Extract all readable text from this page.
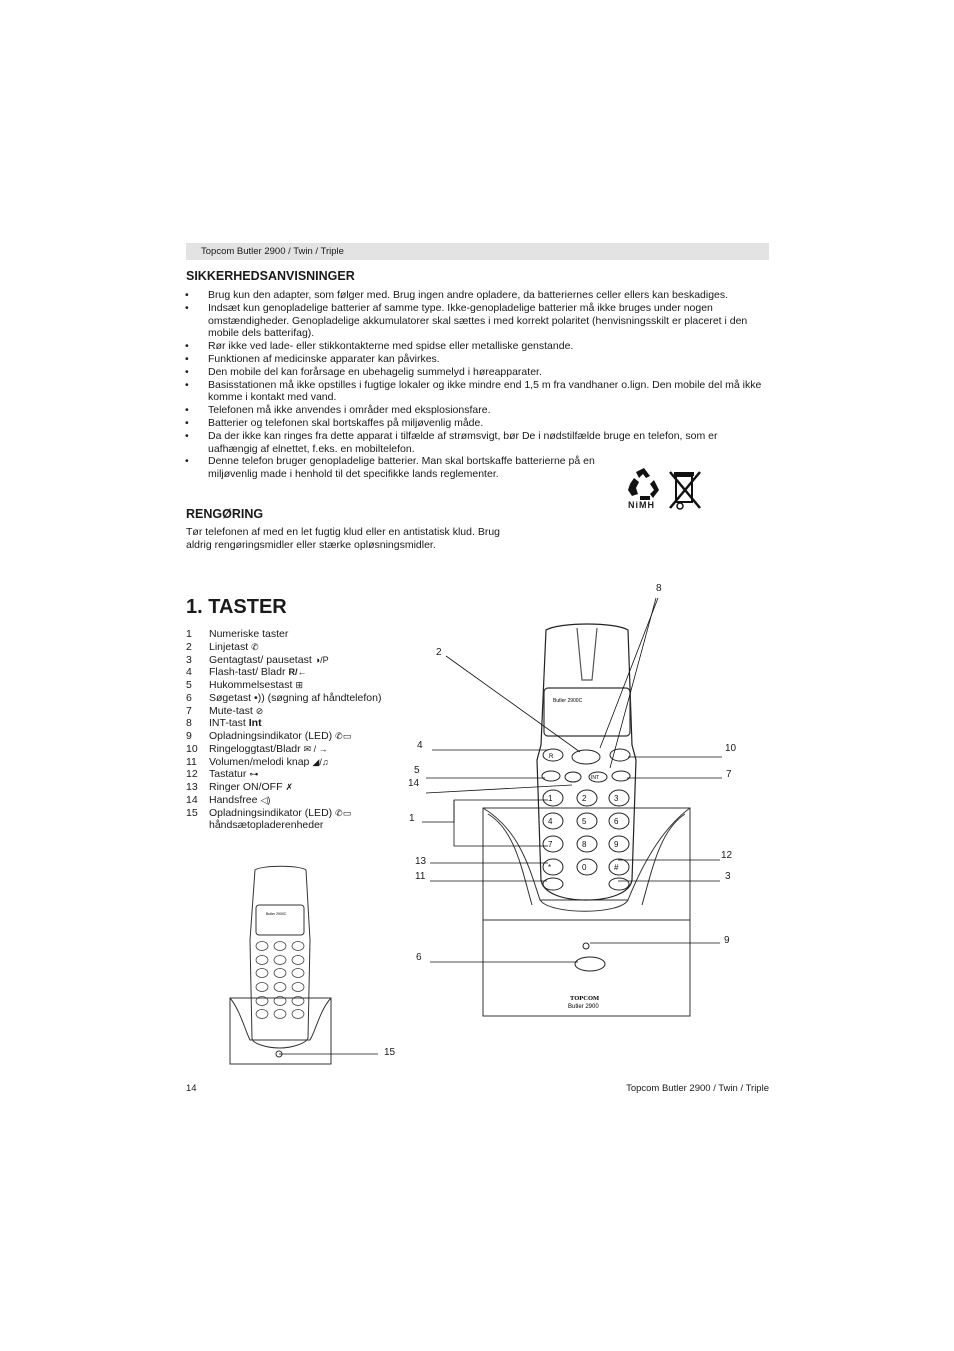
Topcom Butler 2900 / Twin / Triple
SIKKERHEDSANVISNINGER
• Brug kun den adapter, som følger med. Brug ingen andre opladere, da batteriernes celler ellers kan beskadiges.
• Indsæt kun genopladelige batterier af samme type. Ikke-genopladelige batterier må ikke bruges under nogen omstændigheder. Genopladelige akkumulatorer skal sættes i med korrekt polaritet (henvisningsskilt er placeret i den mobile dels batterifag).
• Rør ikke ved lade- eller stikkontakterne med spidse eller metalliske genstande.
• Funktionen af medicinske apparater kan påvirkes.
• Den mobile del kan forårsage en ubehagelig summelyd i høreapparater.
• Basisstationen må ikke opstilles i fugtige lokaler og ikke mindre end 1,5 m fra vandhaner o.lign. Den mobile del må ikke komme i kontakt med vand.
• Telefonen må ikke anvendes i områder med eksplosionsfare.
• Batterier og telefonen skal bortskaffes på miljøvenlig måde.
• Da der ikke kan ringes fra dette apparat i tilfælde af strømsvigt, bør De i nødstilfælde bruge en telefon, som er uafhængig af elnettet, f.eks. en mobiltelefon.
• Denne telefon bruger genopladelige batterier. Man skal bortskaffe batterierne på en miljøvenlig made i henhold til det specifikke lands reglementer.
NiMH
RENGØRING

Tør telefonen af med en let fugtig klud eller en antistatisk klud. Brug
aldrig rengøringsmidler eller stærke opløsningsmidler.

1. TASTER
1	Numeriske taster
2	Linjetast ✆
3	Gentagtast/ pausetast ◑/P
4	Flash-tast/ Bladr R/←
5	Hukommelsestast ⊞
6	Søgetast •)) (søgning af håndtelefon)
7	Mute-tast ⊘
8	INT-tast Int
9	Opladningsindikator (LED) ✆▭
10	Ringeloggtast/Bladr ✉ / →
11	Volumen/melodi knap ◢/♫
12	Tastatur ⊶
13	Ringer ON/OFF ✗
14	Handsfree ◁)
15	Opladningsindikator (LED) ✆▭
håndsætopladerenheder
Butler 2900C
R
INT
1	2	3
4	5	6
7	8	9
*	0	#
TOPCOM
Butler 2900
Butler 2900C
8
2
4	10
5	7
14
1
12
13
11	3
9
6
15
14	Topcom Butler 2900 / Twin / Triple
